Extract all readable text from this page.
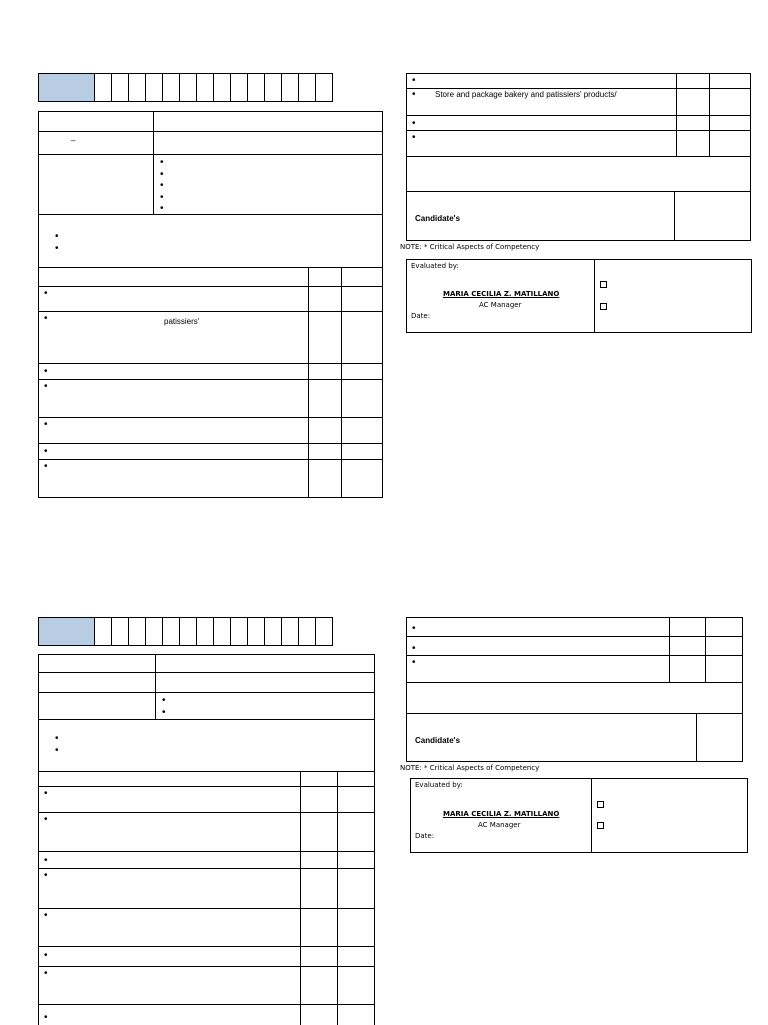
–
•
•
•
•
•
•
•
•
•	patissiers'
•
•
•
•
•
•
• Store and package bakery and patissiers' products/
•
•
Candidate's
NOTE: * Critical Aspects of Competency
Evaluated by:
MARIA CECILIA Z. MATILLANO
AC Manager
Date:
•
•
•
•
•
•
•
•
•
•
•
•
•
•
•
Candidate's
NOTE: * Critical Aspects of Competency
Evaluated by:
MARIA CECILIA Z. MATILLANO
AC Manager
Date:
